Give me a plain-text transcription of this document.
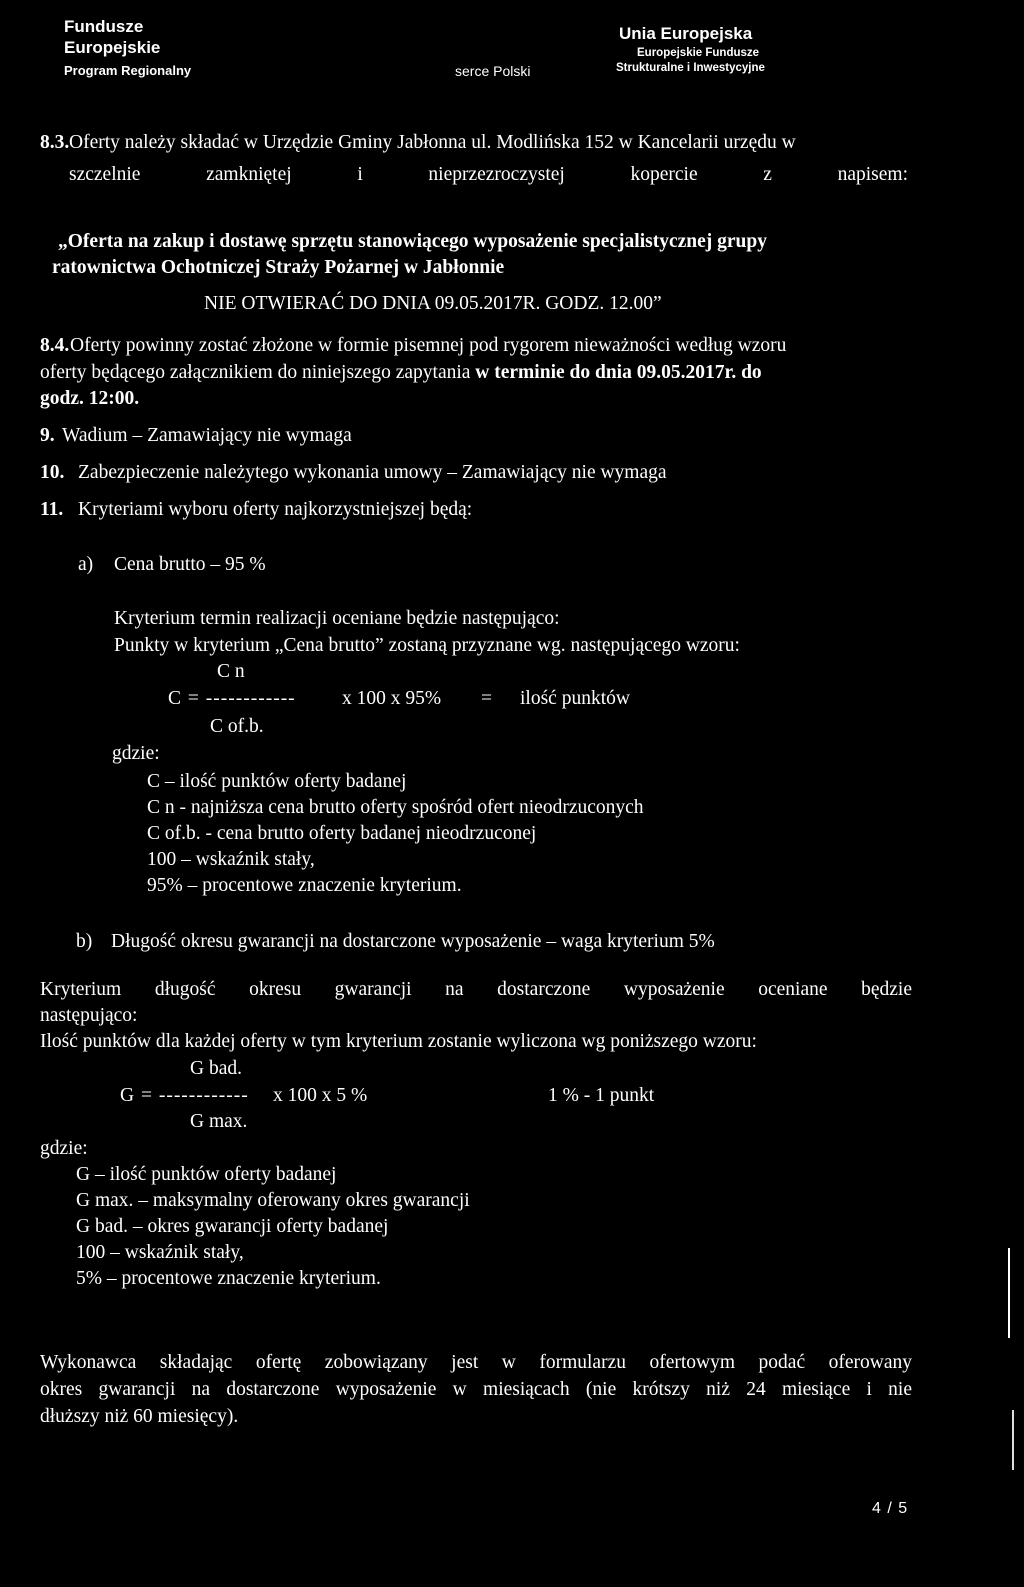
Fundusze
Europejskie
Program Regionalny	serce Polski
Unia Europejska
Europejskie Fundusze
Strukturalne i Inwestycyjne
8.3. Oferty należy składać w Urzędzie Gminy Jabłonna ul. Modlińska 152 w Kancelarii urzędu w
szczelnie zamkniętej i nieprzezroczystej kopercie z napisem:
„Oferta na zakup i dostawę sprzętu stanowiącego wyposażenie specjalistycznej grupy
ratownictwa Ochotniczej Straży Pożarnej w Jabłonnie
NIE OTWIERAĆ DO DNIA 09.05.2017R. GODZ. 12.00”
8.4. Oferty powinny zostać złożone w formie pisemnej pod rygorem nieważności według wzoru
oferty będącego załącznikiem do niniejszego zapytania w terminie do dnia 09.05.2017r. do
godz. 12:00.
9. Wadium – Zamawiający nie wymaga
10. Zabezpieczenie należytego wykonania umowy – Zamawiający nie wymaga
11. Kryteriami wyboru oferty najkorzystniejszej będą:
a) Cena brutto – 95 %
Kryterium termin realizacji oceniane będzie następująco:
Punkty w kryterium „Cena brutto” zostaną przyznane wg. następującego wzoru:
C n
C = ------------ x 100 x 95% = ilość punktów
C of.b.
gdzie:
C – ilość punktów oferty badanej
C n - najniższa cena brutto oferty spośród ofert nieodrzuconych
C of.b. - cena brutto oferty badanej nieodrzuconej
100 – wskaźnik stały,
95% – procentowe znaczenie kryterium.
b) Długość okresu gwarancji na dostarczone wyposażenie – waga kryterium 5%
Kryterium długość okresu gwarancji na dostarczone wyposażenie oceniane będzie
następująco:
Ilość punktów dla każdej oferty w tym kryterium zostanie wyliczona wg poniższego wzoru:
G bad.
G = ------------ x 100 x 5 %	1 % - 1 punkt
G max.
gdzie:
G – ilość punktów oferty badanej
G max. – maksymalny oferowany okres gwarancji
G bad. – okres gwarancji oferty badanej
100 – wskaźnik stały,
5% – procentowe znaczenie kryterium.
Wykonawca składając ofertę zobowiązany jest w formularzu ofertowym podać oferowany
okres gwarancji na dostarczone wyposażenie w miesiącach (nie krótszy niż 24 miesiące i nie
dłuższy niż 60 miesięcy).
4 / 5
